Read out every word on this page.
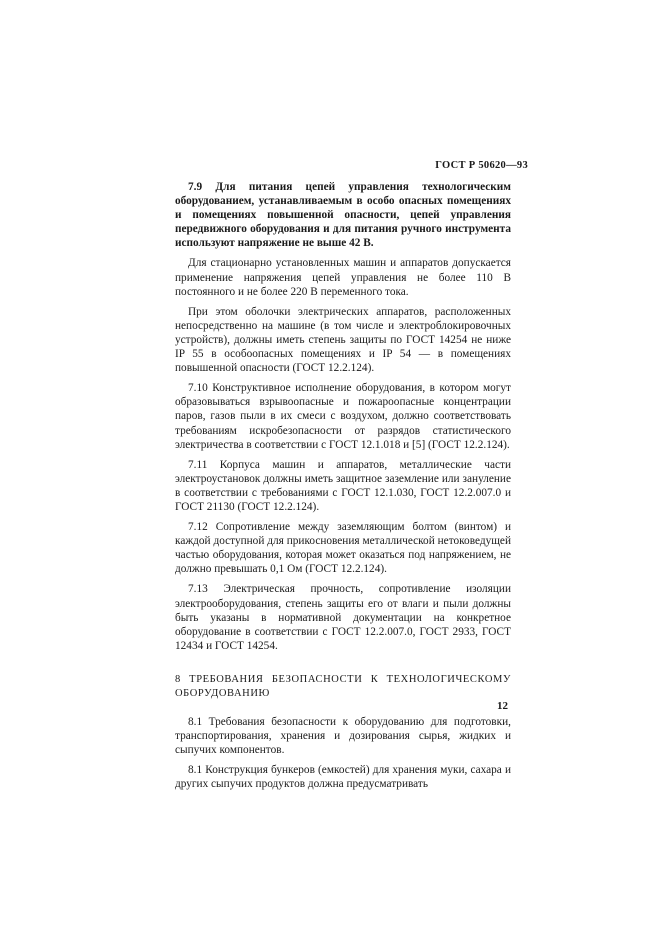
ГОСТ Р 50620—93

7.9 Для питания цепей управления технологическим оборудованием, устанавливаемым в особо опасных помещениях и помещениях повышенной опасности, цепей управления передвижного оборудования и для питания ручного инструмента используют напряжение не выше 42 В.

Для стационарно установленных машин и аппаратов допускается применение напряжения цепей управления не более 110 В постоянного и не более 220 В переменного тока.

При этом оболочки электрических аппаратов, расположенных непосредственно на машине (в том числе и электроблокировочных устройств), должны иметь степень защиты по ГОСТ 14254 не ниже IP 55 в особоопасных помещениях и IP 54 — в помещениях повышенной опасности (ГОСТ 12.2.124).

7.10 Конструктивное исполнение оборудования, в котором могут образовываться взрывоопасные и пожароопасные концентрации паров, газов пыли в их смеси с воздухом, должно соответствовать требованиям искробезопасности от разрядов статистического электричества в соответствии с ГОСТ 12.1.018 и [5] (ГОСТ 12.2.124).

7.11 Корпуса машин и аппаратов, металлические части электроустановок должны иметь защитное заземление или зануление в соответствии с требованиями с ГОСТ 12.1.030, ГОСТ 12.2.007.0 и ГОСТ 21130 (ГОСТ 12.2.124).

7.12 Сопротивление между заземляющим болтом (винтом) и каждой доступной для прикосновения металлической нетоковедущей частью оборудования, которая может оказаться под напряжением, не должно превышать 0,1 Ом (ГОСТ 12.2.124).

7.13 Электрическая прочность, сопротивление изоляции электрооборудования, степень защиты его от влаги и пыли должны быть указаны в нормативной документации на конкретное оборудование в соответствии с ГОСТ 12.2.007.0, ГОСТ 2933, ГОСТ 12434 и ГОСТ 14254.

8 ТРЕБОВАНИЯ БЕЗОПАСНОСТИ К ТЕХНОЛОГИЧЕСКОМУ ОБОРУДОВАНИЮ

8.1 Требования безопасности к оборудованию для подготовки, транспортирования, хранения и дозирования сырья, жидких и сыпучих компонентов.

8.1 Конструкция бункеров (емкостей) для хранения муки, сахара и других сыпучих продуктов должна предусматривать

12
